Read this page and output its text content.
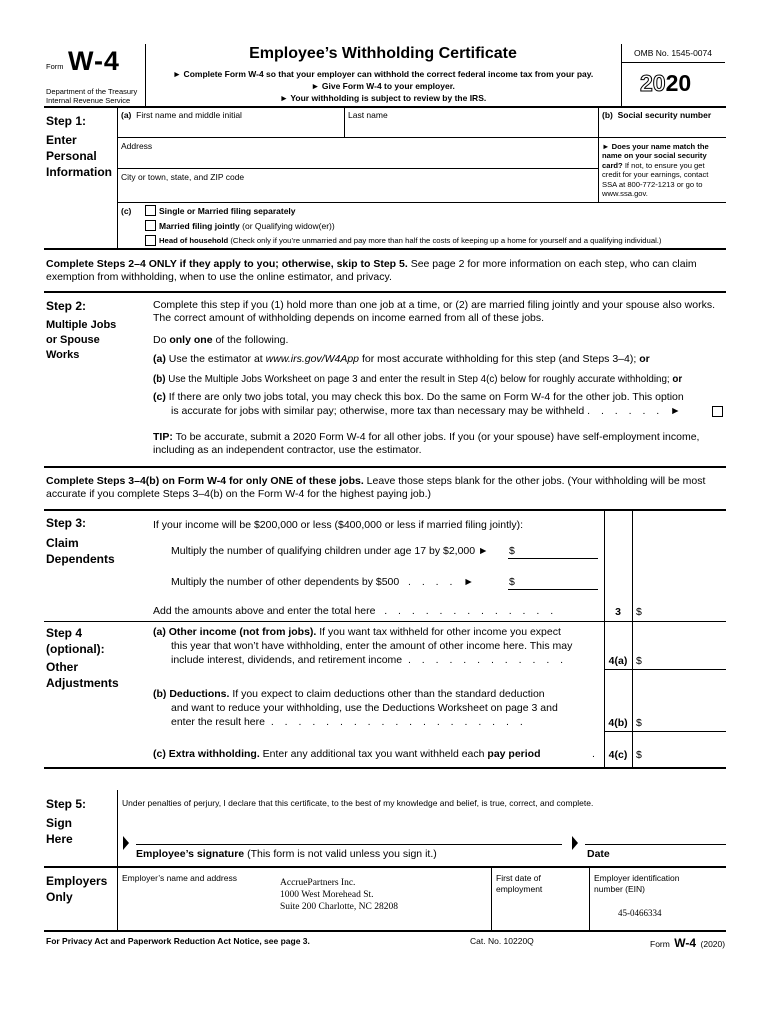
Form W-4
Department of the Treasury
Internal Revenue Service
Employee’s Withholding Certificate
► Complete Form W-4 so that your employer can withhold the correct federal income tax from your pay.
► Give Form W-4 to your employer.
► Your withholding is subject to review by the IRS.
OMB No. 1545-0074
2020
Step 1:
Enter
Personal
Information
(a) First name and middle initial	Last name	(b) Social security number
Address
City or town, state, and ZIP code
► Does your name match the name on your social security card? If not, to ensure you get credit for your earnings, contact SSA at 800-772-1213 or go to www.ssa.gov.
(c)	Single or Married filing separately
Married filing jointly (or Qualifying widow(er))
Head of household (Check only if you’re unmarried and pay more than half the costs of keeping up a home for yourself and a qualifying individual.)
Complete Steps 2–4 ONLY if they apply to you; otherwise, skip to Step 5. See page 2 for more information on each step, who can claim exemption from withholding, when to use the online estimator, and privacy.
Step 2:
Multiple Jobs
or Spouse
Works
Complete this step if you (1) hold more than one job at a time, or (2) are married filing jointly and your spouse also works. The correct amount of withholding depends on income earned from all of these jobs.
Do only one of the following.
(a) Use the estimator at www.irs.gov/W4App for most accurate withholding for this step (and Steps 3–4); or
(b) Use the Multiple Jobs Worksheet on page 3 and enter the result in Step 4(c) below for roughly accurate withholding; or
(c) If there are only two jobs total, you may check this box. Do the same on Form W-4 for the other job. This option
is accurate for jobs with similar pay; otherwise, more tax than necessary may be withheld . . . . . . ►
TIP: To be accurate, submit a 2020 Form W-4 for all other jobs. If you (or your spouse) have self-employment income, including as an independent contractor, use the estimator.
Complete Steps 3–4(b) on Form W-4 for only ONE of these jobs. Leave those steps blank for the other jobs. (Your withholding will be most accurate if you complete Steps 3–4(b) on the Form W-4 for the highest paying job.)
Step 3:
Claim
Dependents
If your income will be $200,000 or less ($400,000 or less if married filing jointly):
Multiply the number of qualifying children under age 17 by $2,000 ► $
Multiply the number of other dependents by $500 . . . . ►	$
Add the amounts above and enter the total here . . . . . . . . . . . . .	3	$
Step 4
(optional):
Other
Adjustments
(a) Other income (not from jobs). If you want tax withheld for other income you expect
this year that won’t have withholding, enter the amount of other income here. This may
include interest, dividends, and retirement income . . . . . . . . . . . .	4(a) $
(b) Deductions. If you expect to claim deductions other than the standard deduction
and want to reduce your withholding, use the Deductions Worksheet on page 3 and
enter the result here . . . . . . . . . . . . . . . . . . .	4(b) $
(c) Extra withholding. Enter any additional tax you want withheld each pay period	.	4(c) $
Step 5:
Sign
Here
Under penalties of perjury, I declare that this certificate, to the best of my knowledge and belief, is true, correct, and complete.
Employee’s signature (This form is not valid unless you sign it.)	Date
Employers
Only
Employer’s name and address	AccruePartners Inc.
1000 West Morehead St.
Suite 200 Charlotte, NC 28208
First date of
employment
Employer identification
number (EIN)
45-0466334
For Privacy Act and Paperwork Reduction Act Notice, see page 3.	Cat. No. 10220Q	Form W-4 (2020)
